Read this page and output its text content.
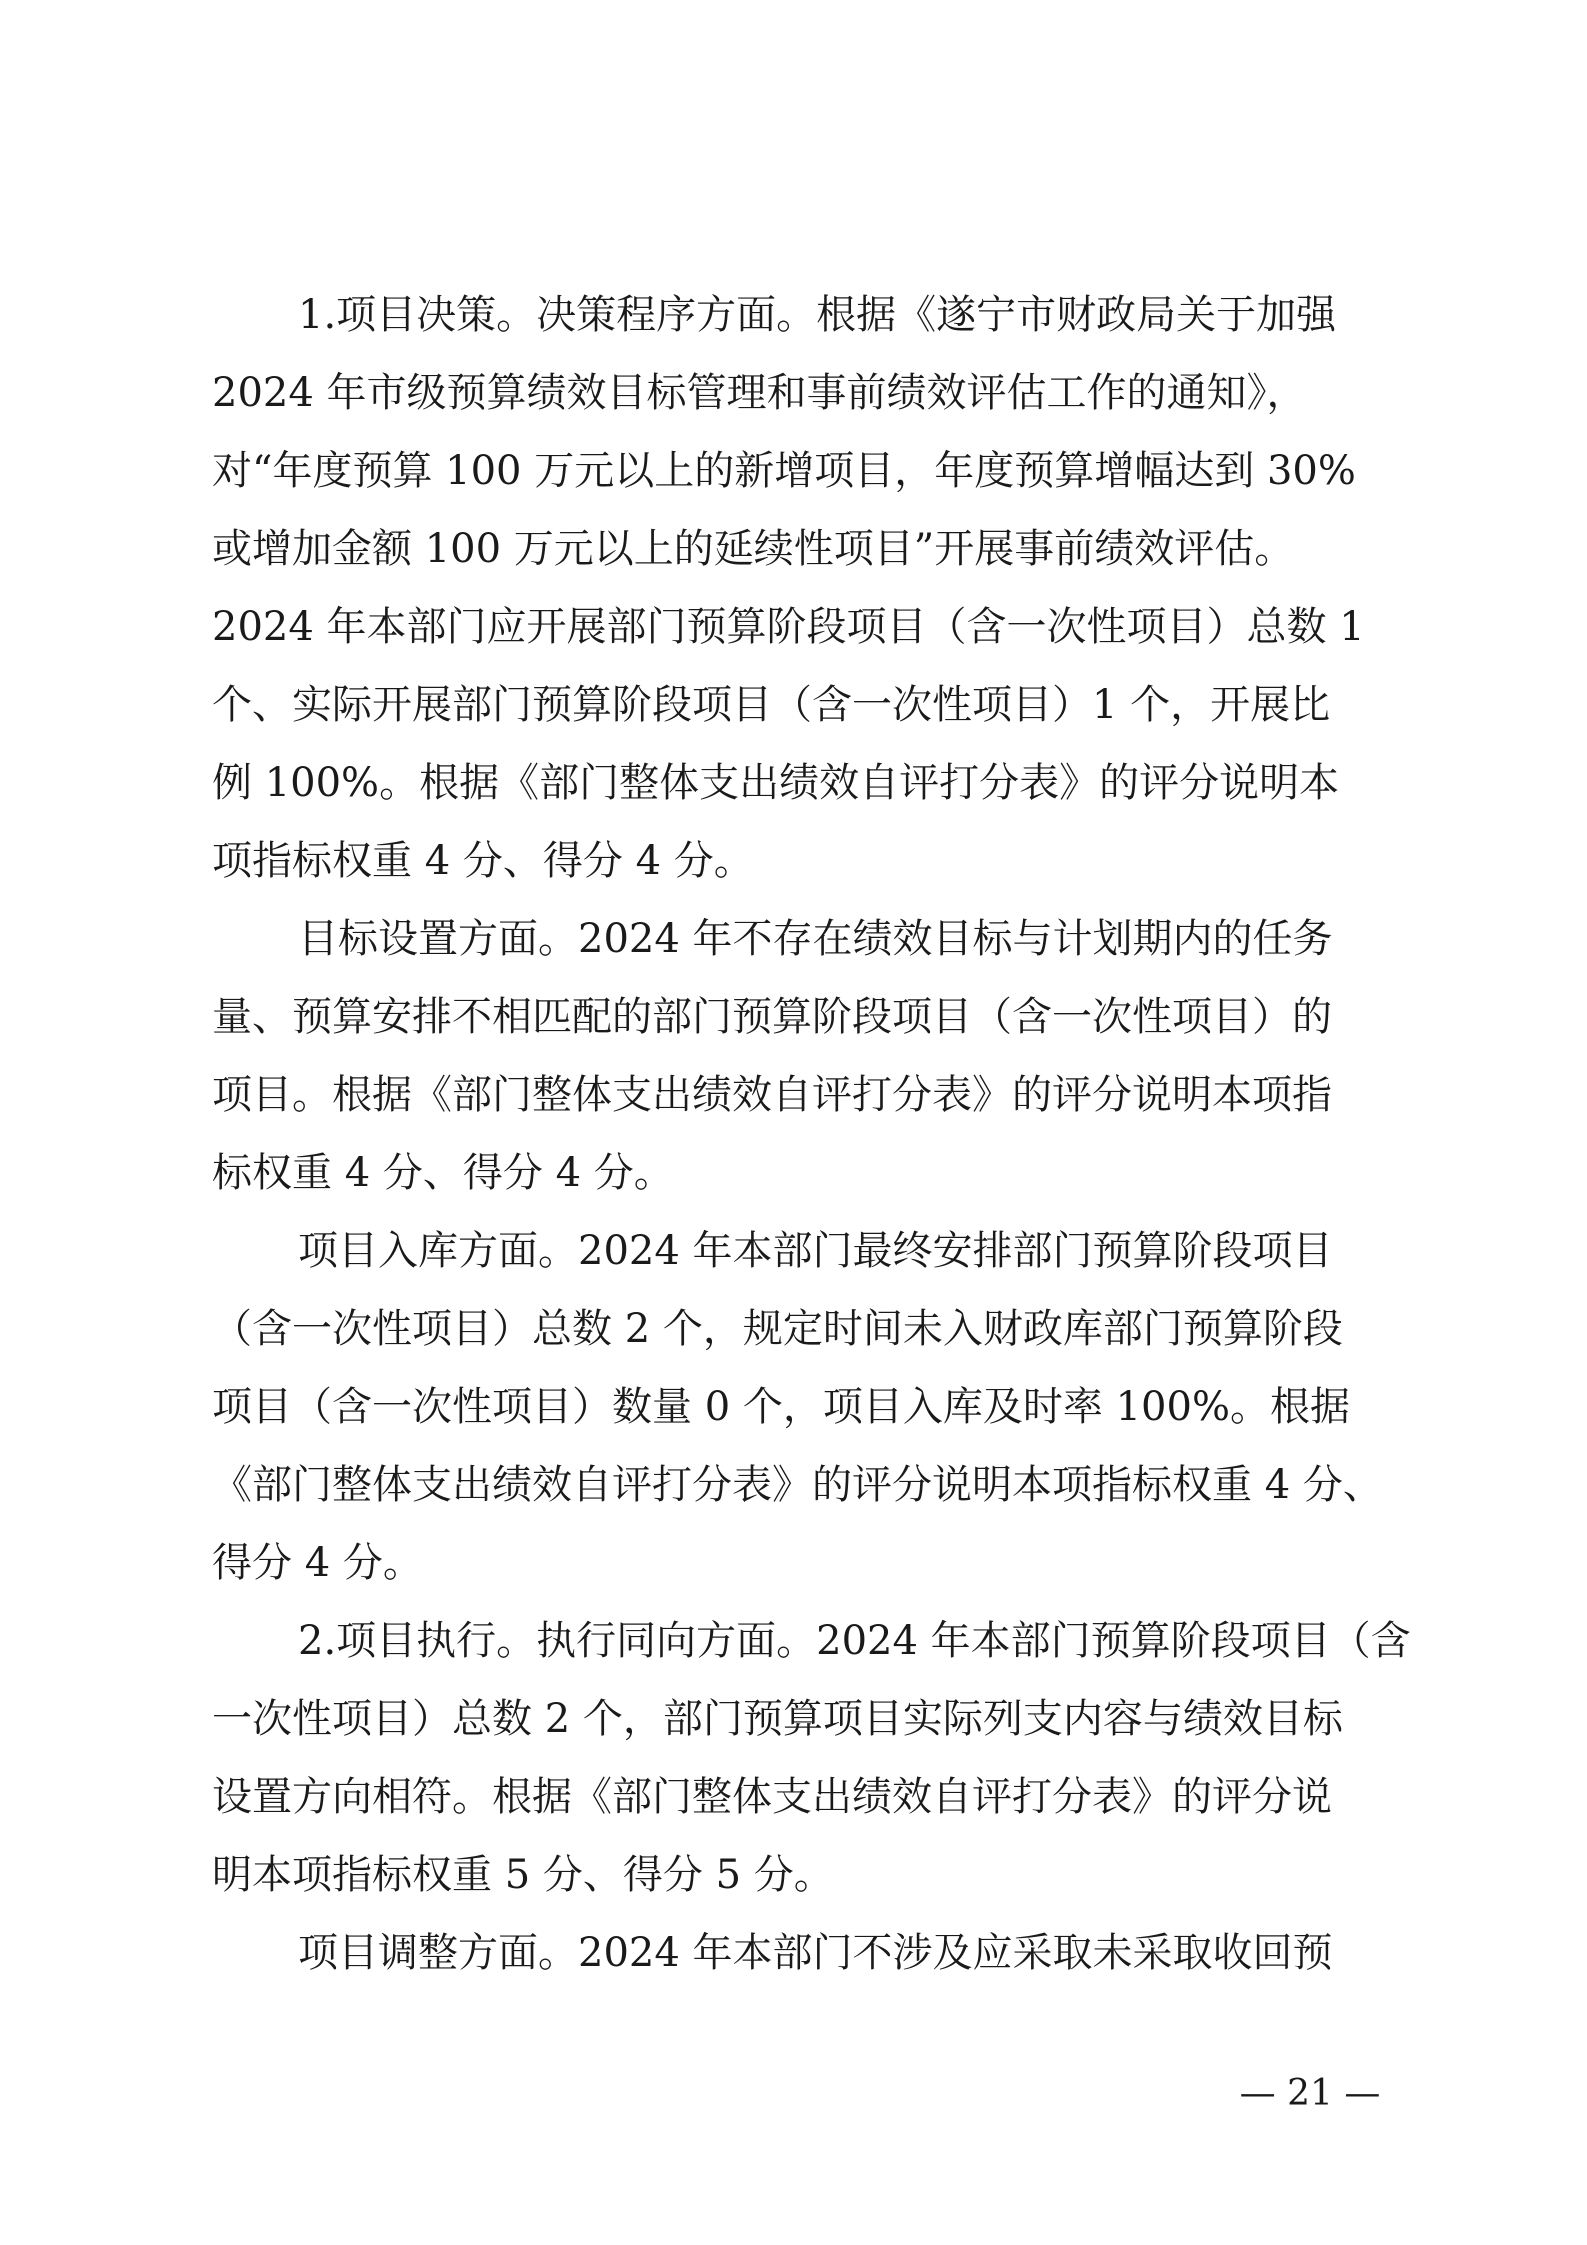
1.项目决策。决策程序方面。根据《遂宁市财政局关于加强
2024 年市级预算绩效目标管理和事前绩效评估工作的通知》，
对“年度预算 100 万元以上的新增项目，年度预算增幅达到 30%
或增加金额 100 万元以上的延续性项目”开展事前绩效评估。
2024 年本部门应开展部门预算阶段项目（含一次性项目）总数 1
个、实际开展部门预算阶段项目（含一次性项目）1 个，开展比
例 100%。根据《部门整体支出绩效自评打分表》的评分说明本
项指标权重 4 分、得分 4 分。
目标设置方面。2024 年不存在绩效目标与计划期内的任务
量、预算安排不相匹配的部门预算阶段项目（含一次性项目）的
项目。根据《部门整体支出绩效自评打分表》的评分说明本项指
标权重 4 分、得分 4 分。
项目入库方面。2024 年本部门最终安排部门预算阶段项目
（含一次性项目）总数 2 个，规定时间未入财政库部门预算阶段
项目（含一次性项目）数量 0 个，项目入库及时率 100%。根据
《部门整体支出绩效自评打分表》的评分说明本项指标权重 4 分、
得分 4 分。
2.项目执行。执行同向方面。2024 年本部门预算阶段项目（含
一次性项目）总数 2 个，部门预算项目实际列支内容与绩效目标
设置方向相符。根据《部门整体支出绩效自评打分表》的评分说
明本项指标权重 5 分、得分 5 分。
项目调整方面。2024 年本部门不涉及应采取未采取收回预
— 21 —
